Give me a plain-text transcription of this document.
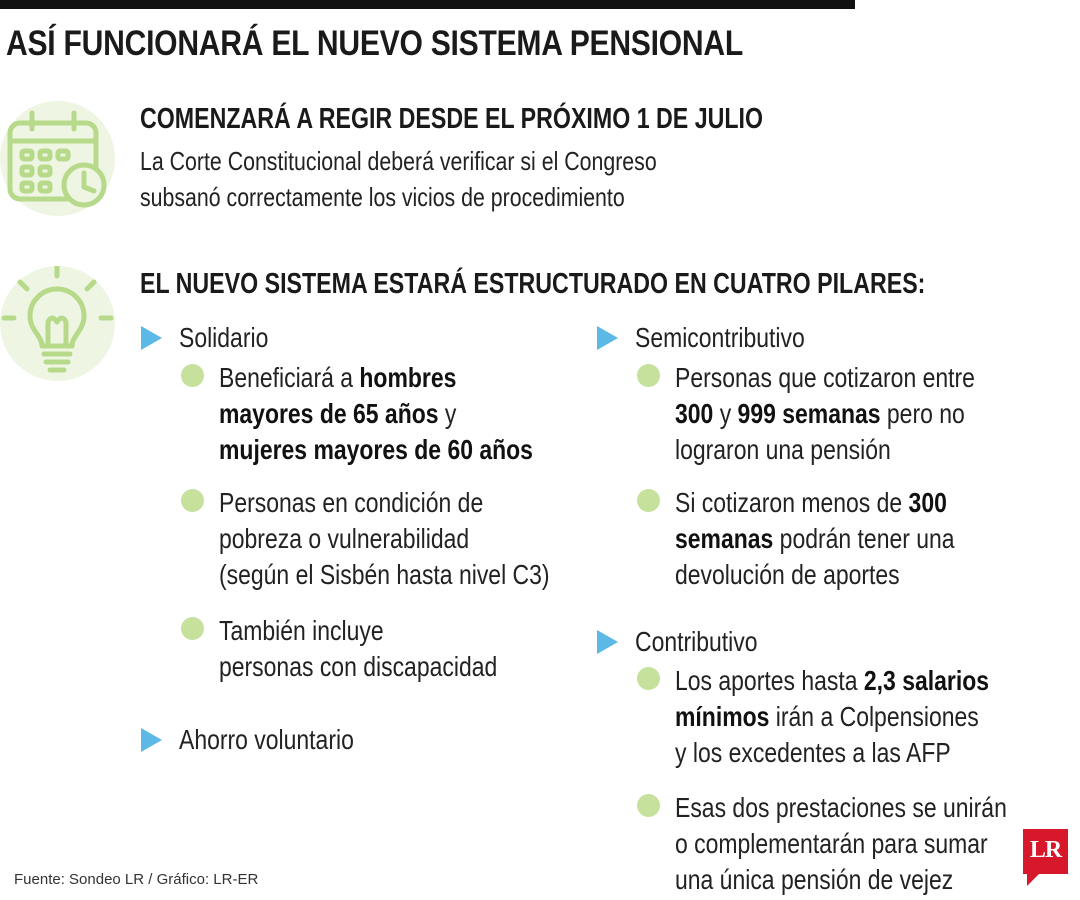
ASÍ FUNCIONARÁ EL NUEVO SISTEMA PENSIONAL
COMENZARÁ A REGIR DESDE EL PRÓXIMO 1 DE JULIO
La Corte Constitucional deberá verificar si el Congreso
subsanó correctamente los vicios de procedimiento
EL NUEVO SISTEMA ESTARÁ ESTRUCTURADO EN CUATRO PILARES:
Solidario
Beneficiará a hombres
mayores de 65 años y
mujeres mayores de 60 años
Personas en condición de
pobreza o vulnerabilidad
(según el Sisbén hasta nivel C3)
También incluye
personas con discapacidad
Ahorro voluntario
Semicontributivo
Personas que cotizaron entre
300 y 999 semanas pero no
lograron una pensión
Si cotizaron menos de 300
semanas podrán tener una
devolución de aportes
Contributivo
Los aportes hasta 2,3 salarios
mínimos irán a Colpensiones
y los excedentes a las AFP
Esas dos prestaciones se unirán
o complementarán para sumar
una única pensión de vejez
Fuente: Sondeo LR / Gráfico: LR-ER
LR
